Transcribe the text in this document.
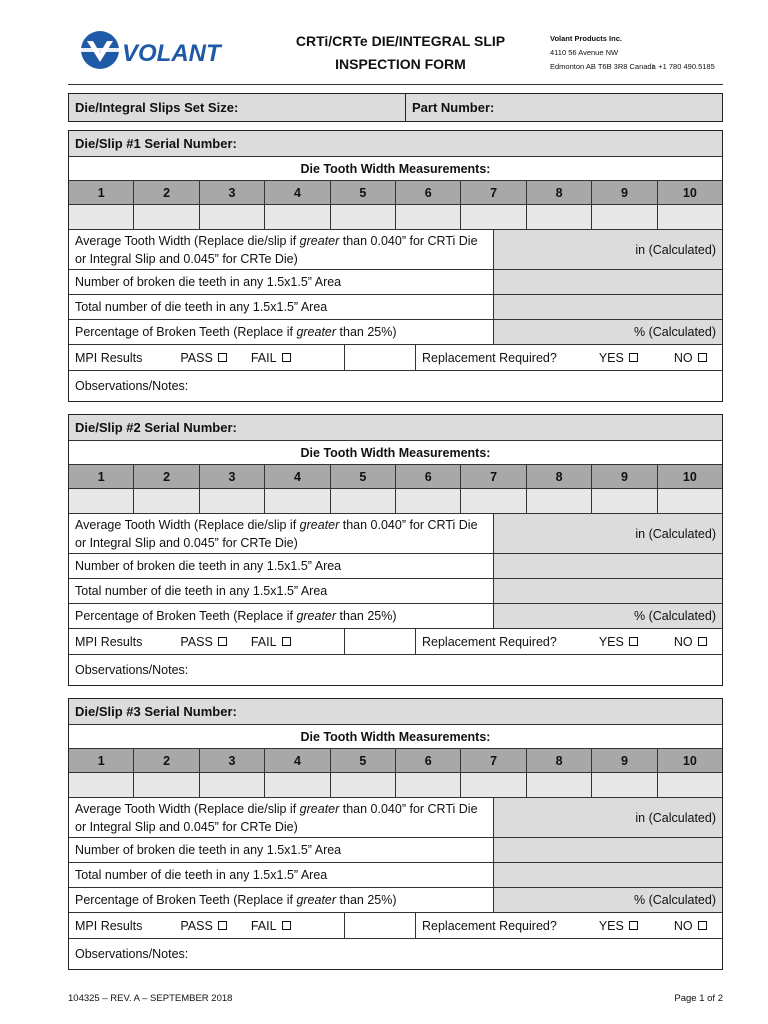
VOLANT	CRTi/CRTe DIE/INTEGRAL SLIP
INSPECTION FORM
Volant Products Inc.
4110 56 Avenue NW
Edmonton AB T6B 3R8 Canada

t  +1 780 490.5185

Die/Integral Slips Set Size:	Part Number:
Die/Slip #1 Serial Number:
Die Tooth Width Measurements:
1	2	3	4	5	6	7	8	9	10
Average Tooth Width (Replace die/slip if greater than 0.040” for CRTi Die
or Integral Slip and 0.045” for CRTe Die)
in (Calculated)
Number of broken die teeth in any 1.5x1.5” Area
Total number of die teeth in any 1.5x1.5” Area
Percentage of Broken Teeth (Replace if greater than 25%)	% (Calculated)
MPI Results	PASS	FAIL	Replacement Required?	YES	NO
Observations/Notes:
Die/Slip #2 Serial Number:
Die Tooth Width Measurements:
1	2	3	4	5	6	7	8	9	10
Average Tooth Width (Replace die/slip if greater than 0.040” for CRTi Die
or Integral Slip and 0.045” for CRTe Die)
in (Calculated)
Number of broken die teeth in any 1.5x1.5” Area
Total number of die teeth in any 1.5x1.5” Area
Percentage of Broken Teeth (Replace if greater than 25%)	% (Calculated)
MPI Results	PASS	FAIL	Replacement Required?	YES	NO
Observations/Notes:
Die/Slip #3 Serial Number:
Die Tooth Width Measurements:
1	2	3	4	5	6	7	8	9	10
Average Tooth Width (Replace die/slip if greater than 0.040” for CRTi Die
or Integral Slip and 0.045” for CRTe Die)
in (Calculated)
Number of broken die teeth in any 1.5x1.5” Area
Total number of die teeth in any 1.5x1.5” Area
Percentage of Broken Teeth (Replace if greater than 25%)	% (Calculated)
MPI Results	PASS	FAIL	Replacement Required?	YES	NO
Observations/Notes:
104325 – REV. A – SEPTEMBER 2018	Page 1 of 2
